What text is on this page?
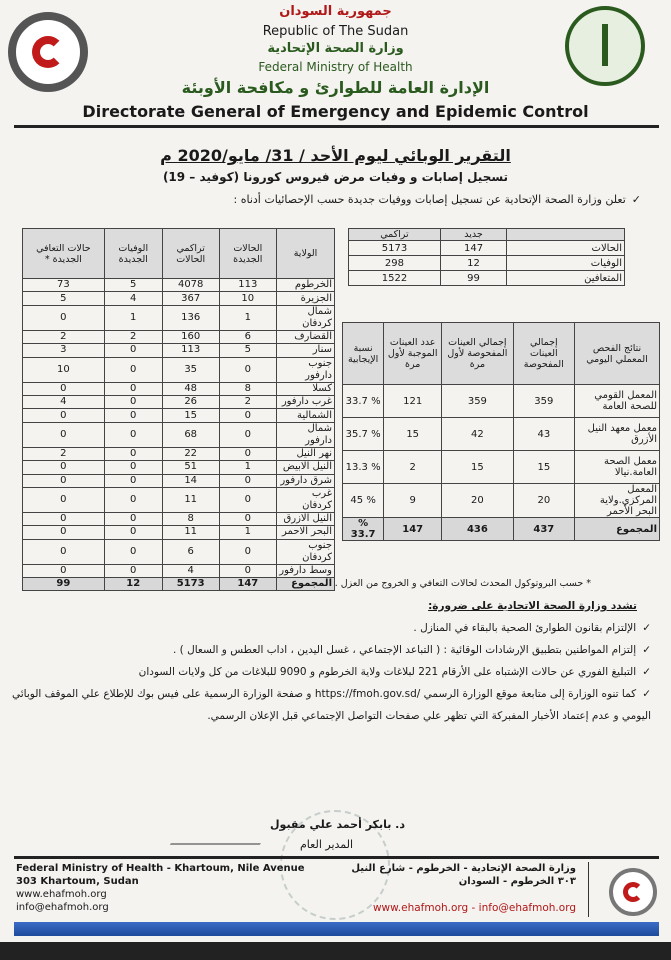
جمهورية السودان
Republic of The Sudan
وزارة الصحة الإتحادية
Federal Ministry of Health
الإدارة العامة للطوارئ و مكافحة الأوبئة
Directorate General of Emergency and Epidemic Control
التقرير الوبائي ليوم الأحد / 31/ مايو/2020 م
تسجيل إصابات و وفيات مرض فيروس كورونا (كوفيد – 19)
✓تعلن وزارة الصحة الإتحادية عن تسجيل إصابات ووفيات جديدة حسب الإحصائيات أدناه :
الولاية	الحالات الجديدة	تراكمي الحالات	الوفيات الجديدة	حالات التعافي الجديدة *
الخرطوم	113	4078	5	73
الجزيرة	10	367	4	5
شمال كردفان	1	136	1	0
القضارف	6	160	2	2
سنار	5	113	0	3
جنوب دارفور	0	35	0	10
كسلا	8	48	0	0
غرب دارفور	2	26	0	4
الشمالية	0	15	0	0
شمال دارفور	0	68	0	0
نهر النيل	0	22	0	2
النيل الابيض	1	51	0	0
شرق دارفور	0	14	0	0
غرب كردفان	0	11	0	0
النيل الازرق	0	8	0	0
البحر الاحمر	1	11	0	0
جنوب كردفان	0	6	0	0
وسط دارفور	0	4	0	0
المجموع	147	5173	12	99
	جديد	تراكمي
الحالات	147	5173
الوفيات	12	298
المتعافين	99	1522
نتائج الفحص المعملي اليومي	إجمالي العينات المفحوصة	إجمالي العينات المفحوصة لأول مرة	عدد العينات الموجبة لأول مرة	نسبة الإيجابية
المعمل القومي للصحة العامة	359	359	121	% 33.7
معمل معهد النيل الأزرق	43	42	15	% 35.7
معمل الصحة العامة.نيالا	15	15	2	% 13.3
المعمل المركزي.ولاية البحر الأحمر	20	20	9	% 45
المجموع	437	436	147	% 33.7
* حسب البروتوكول المحدث لحالات التعافي و الخروج من العزل .
تشدد وزارة الصحة الاتحادية على ضرورة:
✓الإلتزام بقانون الطوارئ الصحية بالبقاء في المنازل .
✓إلتزام المواطنين بتطبيق الإرشادات الوقائية : ( التباعد الإجتماعي ، غسل اليدين ، اداب العطس و السعال ) .
✓التبليغ الفوري عن حالات الإشتباه على الأرقام 221 لبلاغات ولاية الخرطوم و 9090 للبلاغات من كل ولايات السودان
✓كما تنوه الوزارة إلى متابعة موقع الوزارة الرسمي /https://fmoh.gov.sd و صفحة الوزارة الرسمية على فيس بوك للإطلاع علي الموقف الوبائي اليومي و عدم إعتماد الأخبار المفبركة التي تظهر علي صفحات التواصل الإجتماعي قبل الإعلان الرسمي.
د. بابكر أحمد علي مقبول
المدير العام
Federal Ministry of Health - Khartoum, Nile Avenue
303 Khartoum, Sudan
www.ehafmoh.org
info@ehafmoh.org
وزارة الصحة الإتحادية - الخرطوم - شارع النيل
٣٠٣ الخرطوم - السودان
www.ehafmoh.org - info@ehafmoh.org
